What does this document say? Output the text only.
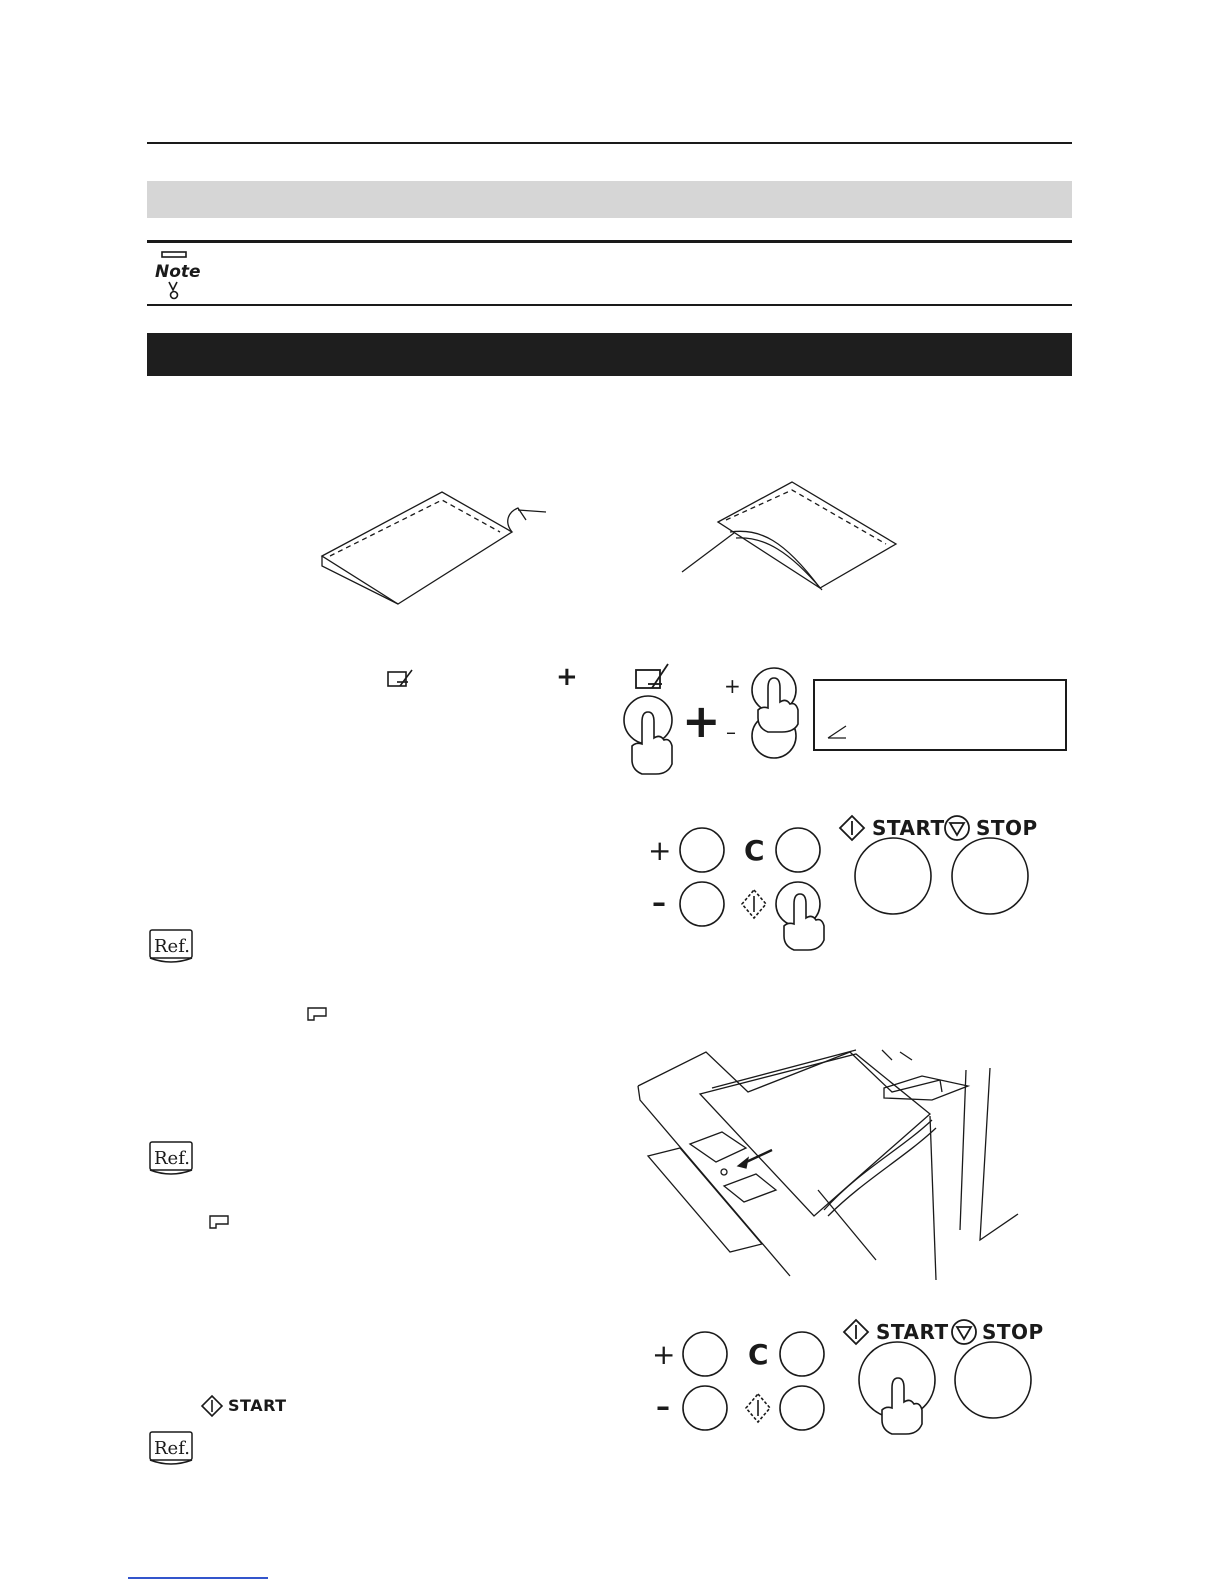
Note
Ref.
Ref.
Ref.
+	+
–
+
+
–
C
START STOP
+
–
C
START STOP
START
